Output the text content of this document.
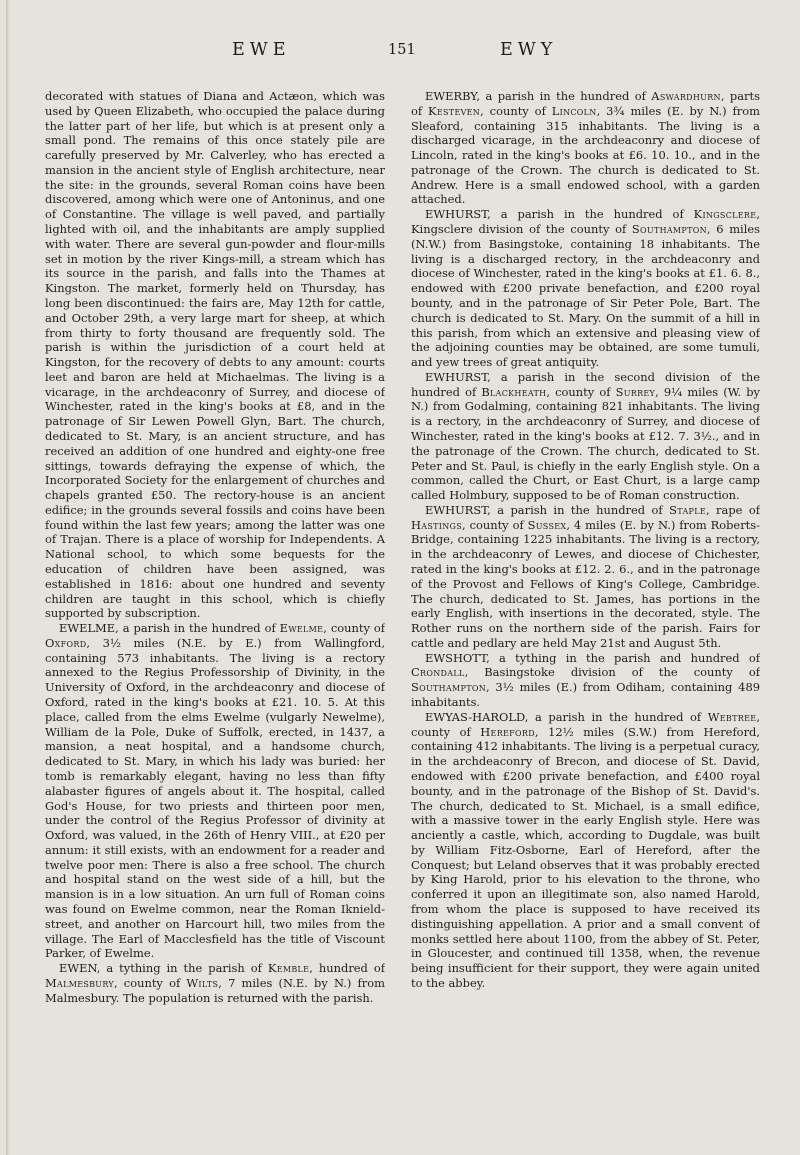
EWE	151	EWY

decorated with statues of Diana and Actæon, which was used by Queen Elizabeth, who occupied the palace during the latter part of her life, but which is at present only a small pond. The remains of this once stately pile are carefully preserved by Mr. Calverley, who has erected a mansion in the ancient style of English architecture, near the site: in the grounds, several Roman coins have been discovered, among which were one of Antoninus, and one of Constantine. The village is well paved, and partially lighted with oil, and the inhabitants are amply supplied with water. There are several gun-powder and flour-mills set in motion by the river Kings-mill, a stream which has its source in the parish, and falls into the Thames at Kingston. The market, formerly held on Thursday, has long been discontinued: the fairs are, May 12th for cattle, and October 29th, a very large mart for sheep, at which from thirty to forty thousand are frequently sold. The parish is within the jurisdiction of a court held at Kingston, for the recovery of debts to any amount: courts leet and baron are held at Michaelmas. The living is a vicarage, in the archdeaconry of Surrey, and diocese of Winchester, rated in the king's books at £8, and in the patronage of Sir Lewen Powell Glyn, Bart. The church, dedicated to St. Mary, is an ancient structure, and has received an addition of one hundred and eighty-one free sittings, towards defraying the expense of which, the Incorporated Society for the enlargement of churches and chapels granted £50. The rectory-house is an ancient edifice; in the grounds several fossils and coins have been found within the last few years; among the latter was one of Trajan. There is a place of worship for Independents. A National school, to which some bequests for the education of children have been assigned, was established in 1816: about one hundred and seventy children are taught in this school, which is chiefly supported by subscription.

EWELME, a parish in the hundred of Ewelme, county of Oxford, 3½ miles (N.E. by E.) from Wallingford, containing 573 inhabitants. The living is a rectory annexed to the Regius Professorship of Divinity, in the University of Oxford, in the archdeaconry and diocese of Oxford, rated in the king's books at £21. 10. 5. At this place, called from the elms Ewelme (vulgarly Newelme), William de la Pole, Duke of Suffolk, erected, in 1437, a mansion, a neat hospital, and a handsome church, dedicated to St. Mary, in which his lady was buried: her tomb is remarkably elegant, having no less than fifty alabaster figures of angels about it. The hospital, called God's House, for two priests and thirteen poor men, under the control of the Regius Professor of divinity at Oxford, was valued, in the 26th of Henry VIII., at £20 per annum: it still exists, with an endowment for a reader and twelve poor men: There is also a free school. The church and hospital stand on the west side of a hill, but the mansion is in a low situation. An urn full of Roman coins was found on Ewelme common, near the Roman Iknield-street, and another on Harcourt hill, two miles from the village. The Earl of Macclesfield has the title of Viscount Parker, of Ewelme.

EWEN, a tything in the parish of Kemble, hundred of Malmesbury, county of Wilts, 7 miles (N.E. by N.) from Malmesbury. The population is returned with the parish.

EWERBY, a parish in the hundred of Aswardhurn, parts of Kesteven, county of Lincoln, 3¾ miles (E. by N.) from Sleaford, containing 315 inhabitants. The living is a discharged vicarage, in the archdeaconry and diocese of Lincoln, rated in the king's books at £6. 10. 10., and in the patronage of the Crown. The church is dedicated to St. Andrew. Here is a small endowed school, with a garden attached.

EWHURST, a parish in the hundred of Kingsclere, Kingsclere division of the county of Southampton, 6 miles (N.W.) from Basingstoke, containing 18 inhabitants. The living is a discharged rectory, in the archdeaconry and diocese of Winchester, rated in the king's books at £1. 6. 8., endowed with £200 private benefaction, and £200 royal bounty, and in the patronage of Sir Peter Pole, Bart. The church is dedicated to St. Mary. On the summit of a hill in this parish, from which an extensive and pleasing view of the adjoining counties may be obtained, are some tumuli, and yew trees of great antiquity.

EWHURST, a parish in the second division of the hundred of Blackheath, county of Surrey, 9¼ miles (W. by N.) from Godalming, containing 821 inhabitants. The living is a rectory, in the archdeaconry of Surrey, and diocese of Winchester, rated in the king's books at £12. 7. 3½., and in the patronage of the Crown. The church, dedicated to St. Peter and St. Paul, is chiefly in the early English style. On a common, called the Churt, or East Churt, is a large camp called Holmbury, supposed to be of Roman construction.

EWHURST, a parish in the hundred of Staple, rape of Hastings, county of Sussex, 4 miles (E. by N.) from Roberts-Bridge, containing 1225 inhabitants. The living is a rectory, in the archdeaconry of Lewes, and diocese of Chichester, rated in the king's books at £12. 2. 6., and in the patronage of the Provost and Fellows of King's College, Cambridge. The church, dedicated to St. James, has portions in the early English, with insertions in the decorated, style. The Rother runs on the northern side of the parish. Fairs for cattle and pedlary are held May 21st and August 5th.

EWSHOTT, a tything in the parish and hundred of Crondall, Basingstoke division of the county of Southampton, 3½ miles (E.) from Odiham, containing 489 inhabitants.

EWYAS-HAROLD, a parish in the hundred of Webtree, county of Hereford, 12½ miles (S.W.) from Hereford, containing 412 inhabitants. The living is a perpetual curacy, in the archdeaconry of Brecon, and diocese of St. David, endowed with £200 private benefaction, and £400 royal bounty, and in the patronage of the Bishop of St. David's. The church, dedicated to St. Michael, is a small edifice, with a massive tower in the early English style. Here was anciently a castle, which, according to Dugdale, was built by William Fitz-Osborne, Earl of Hereford, after the Conquest; but Leland observes that it was probably erected by King Harold, prior to his elevation to the throne, who conferred it upon an illegitimate son, also named Harold, from whom the place is supposed to have received its distinguishing appellation. A prior and a small convent of monks settled here about 1100, from the abbey of St. Peter, in Gloucester, and continued till 1358, when, the revenue being insufficient for their support, they were again united to the abbey.
